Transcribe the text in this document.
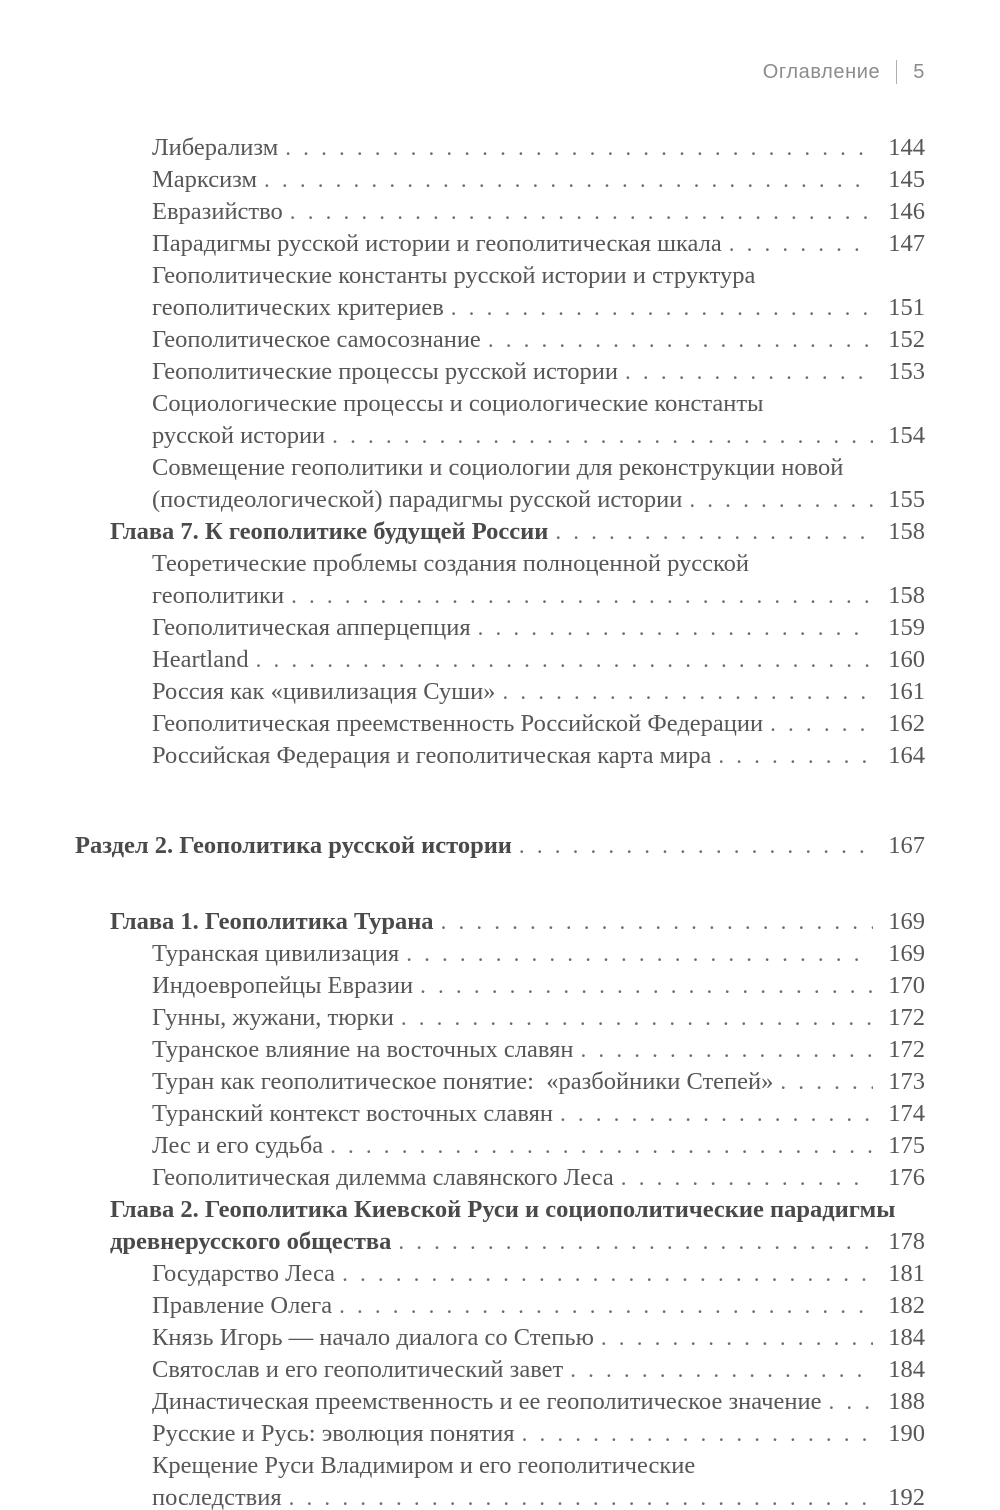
Оглавление 5
Либерализм . . .	144
Марксизм . . .	145
Евразийство . . .	146
Парадигмы русской истории и геополитическая шкала . . .	147
Геополитические константы русской истории и структура
геополитических критериев . . .	151
Геополитическое самосознание . . .	152
Геополитические процессы русской истории . . .	153
Социологические процессы и социологические константы
русской истории . . .	154
Совмещение геополитики и социологии для реконструкции новой
(постидеологической) парадигмы русской истории . . .	155
Глава 7. К геополитике будущей России . . .	158
Теоретические проблемы создания полноценной русской
геополитики . . .	158
Геополитическая апперцепция . . .	159
Heartland . . .	160
Россия как «цивилизация Суши» . . .	161
Геополитическая преемственность Российской Федерации . . .	162
Российская Федерация и геополитическая карта мира . . .	164
Раздел 2. Геополитика русской истории . . .	167
Глава 1. Геополитика Турана . . .	169
Туранская цивилизация . . .	169
Индоевропейцы Евразии . . .	170
Гунны, жужани, тюрки . . .	172
Туранское влияние на восточных славян . . .	172
Туран как геополитическое понятие:  «разбойники Степей» . . .	173
Туранский контекст восточных славян . . .	174
Лес и его судьба . . .	175
Геополитическая дилемма славянского Леса . . .	176
Глава 2. Геополитика Киевской Руси и социополитические парадигмы
древнерусского общества . . .	178
Государство Леса . . .	181
Правление Олега . . .	182
Князь Игорь — начало диалога со Степью . . .	184
Святослав и его геополитический завет . . .	184
Династическая преемственность и ее геополитическое значение . . .	188
Русские и Русь: эволюция понятия . . .	190
Крещение Руси Владимиром и его геополитические
последствия . . .	192
